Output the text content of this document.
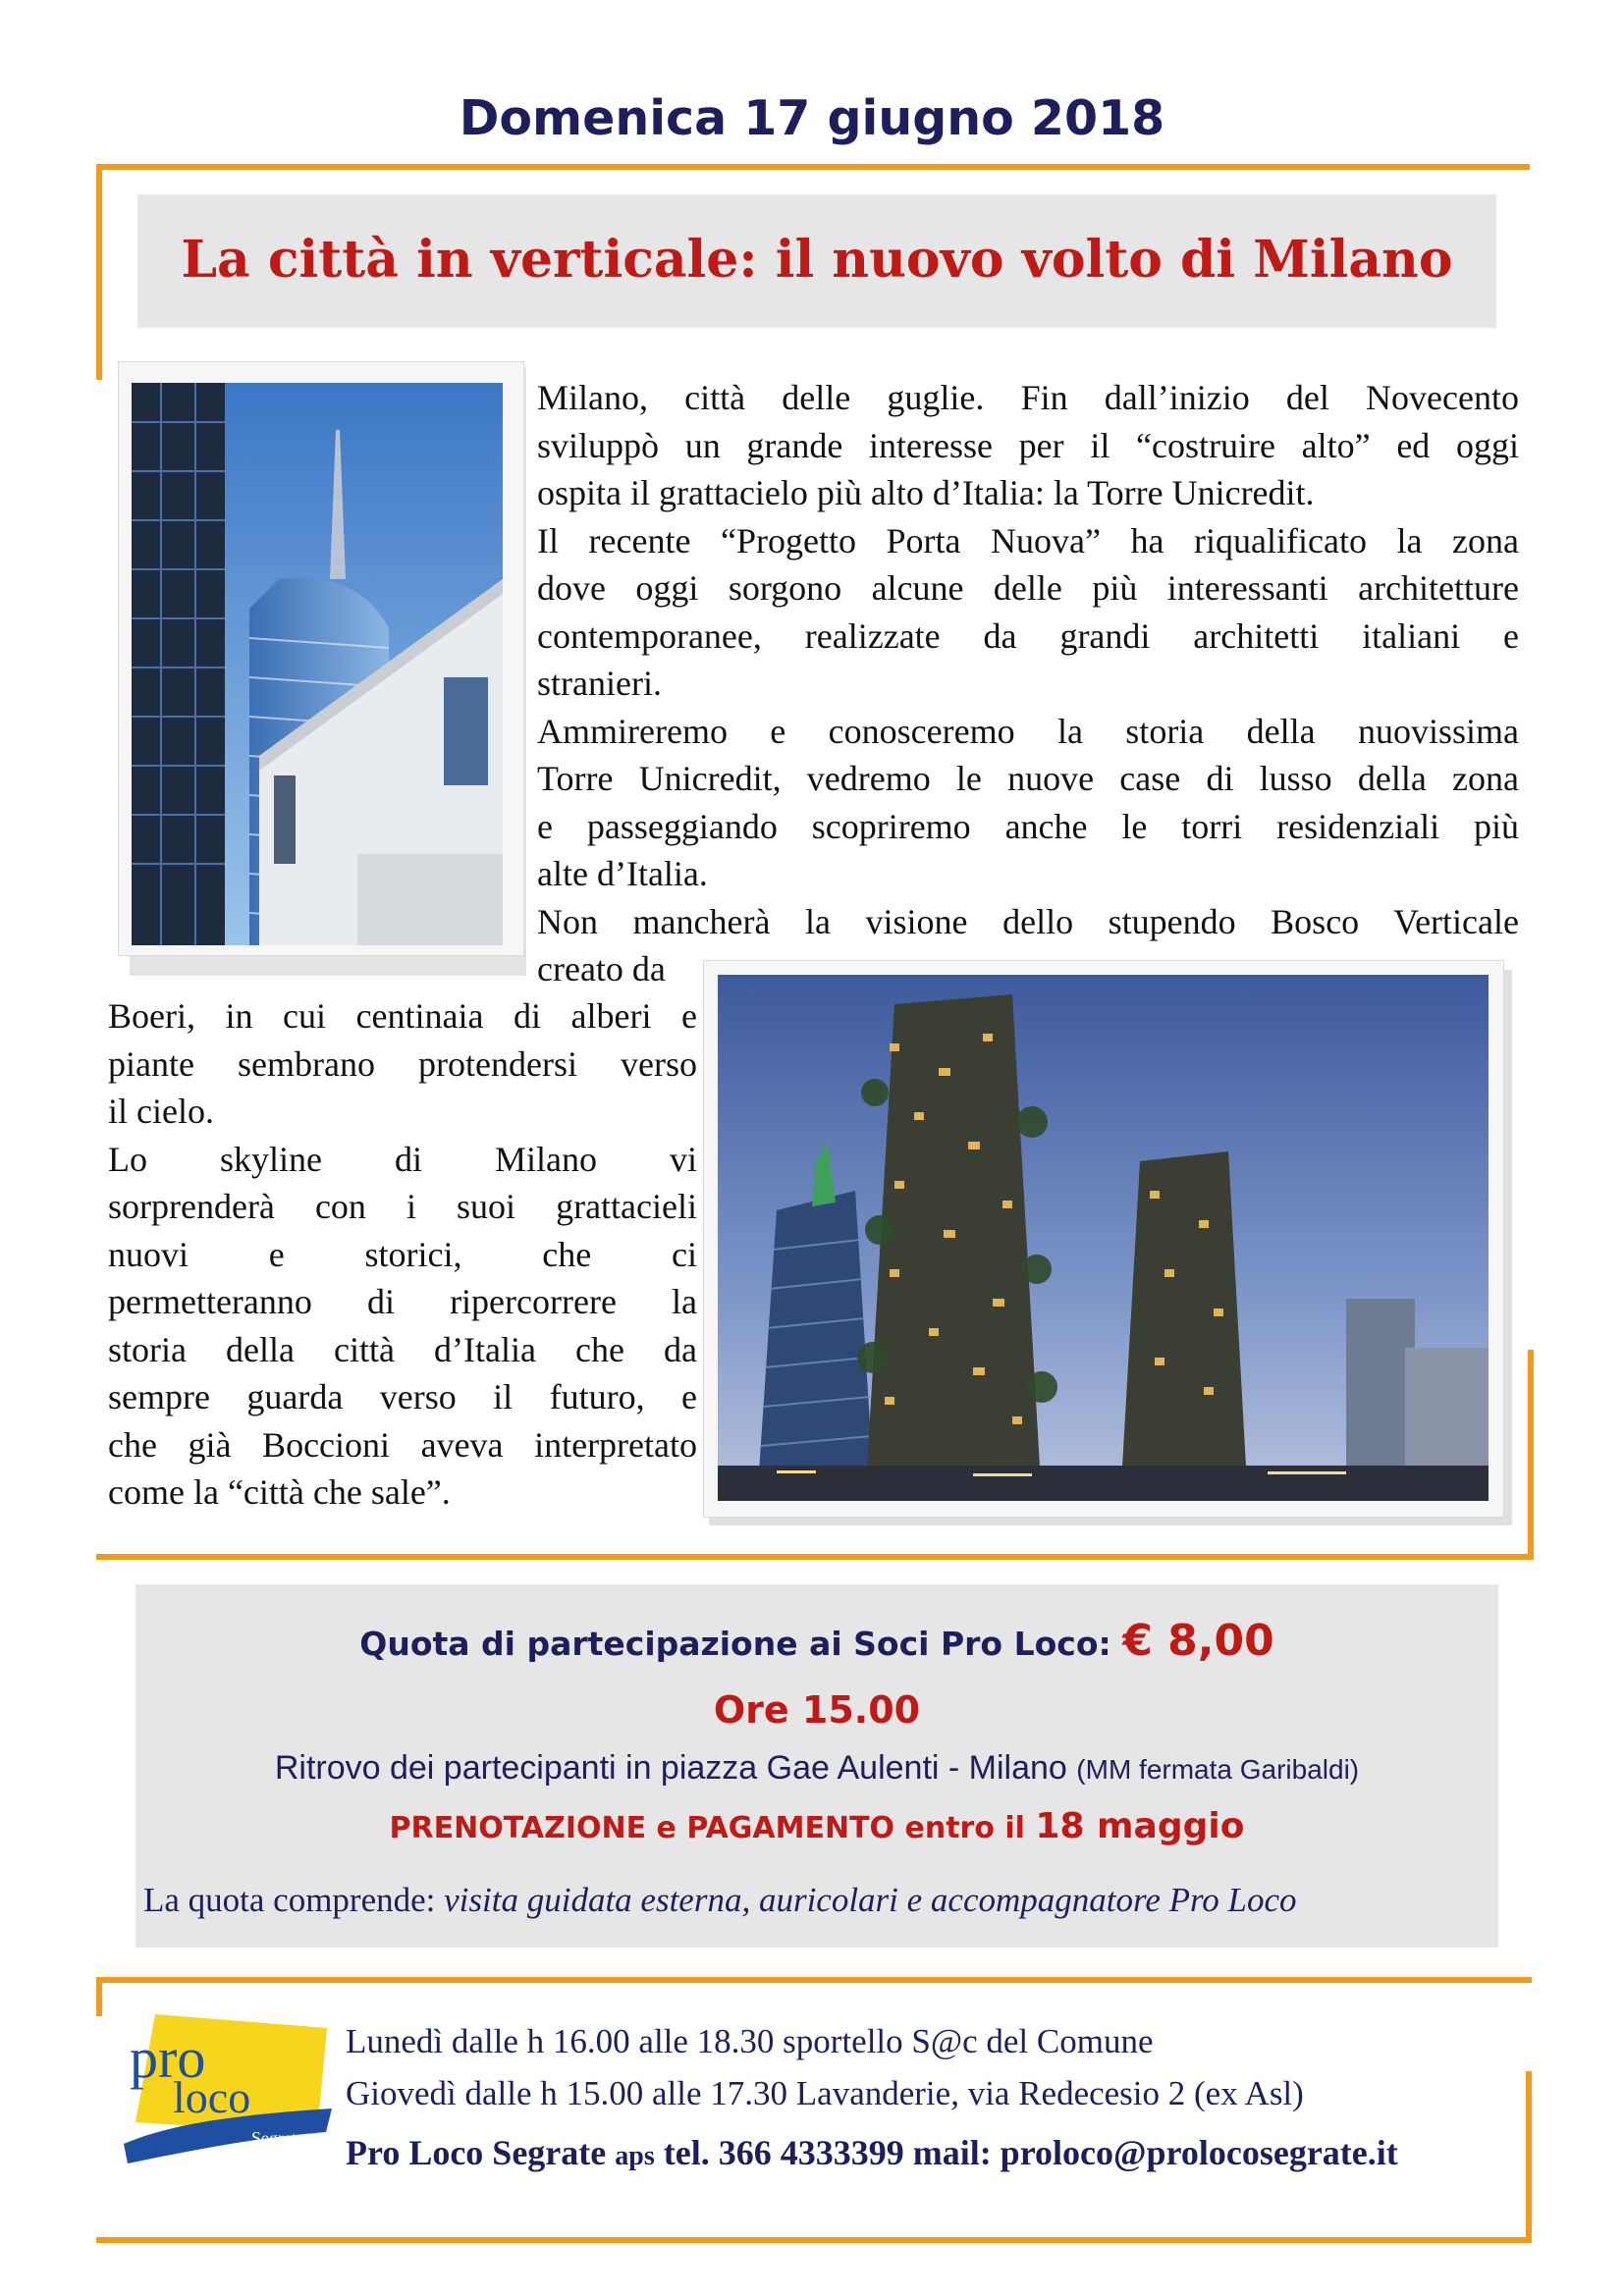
Domenica 17 giugno 2018
La città in verticale: il nuovo volto di Milano
Milano, città delle guglie. Fin dall’inizio del Novecento
sviluppò un grande interesse per il “costruire alto” ed oggi
ospita il grattacielo più alto d’Italia: la Torre Unicredit.
Il recente “Progetto Porta Nuova” ha riqualificato la zona
dove oggi sorgono alcune delle più interessanti architetture
contemporanee, realizzate da grandi architetti italiani e
stranieri.
Ammireremo e conosceremo la storia della nuovissima
Torre Unicredit, vedremo le nuove case di lusso della zona
e passeggiando scopriremo anche le torri residenziali più
alte d’Italia.
Non mancherà la visione dello stupendo Bosco Verticale
creato da
Boeri, in cui centinaia di alberi e
piante sembrano protendersi verso
il cielo.
Lo skyline di Milano vi
sorprenderà con i suoi grattacieli
nuovi e storici, che ci
permetteranno di ripercorrere la
storia della città d’Italia che da
sempre guarda verso il futuro, e
che già Boccioni aveva interpretato
come la “città che sale”.
Quota di partecipazione ai Soci Pro Loco: € 8,00
Ore 15.00
Ritrovo dei partecipanti in piazza Gae Aulenti - Milano (MM fermata Garibaldi)
PRENOTAZIONE e PAGAMENTO entro il 18 maggio
La quota comprende: visita guidata esterna, auricolari e accompagnatore Pro Loco
pro
loco
Segrate
Lunedì dalle h 16.00 alle 18.30 sportello S@c del Comune
Giovedì dalle h 15.00 alle 17.30 Lavanderie, via Redecesio 2 (ex Asl)
Pro Loco Segrate aps tel. 366 4333399 mail: proloco@prolocosegrate.it
